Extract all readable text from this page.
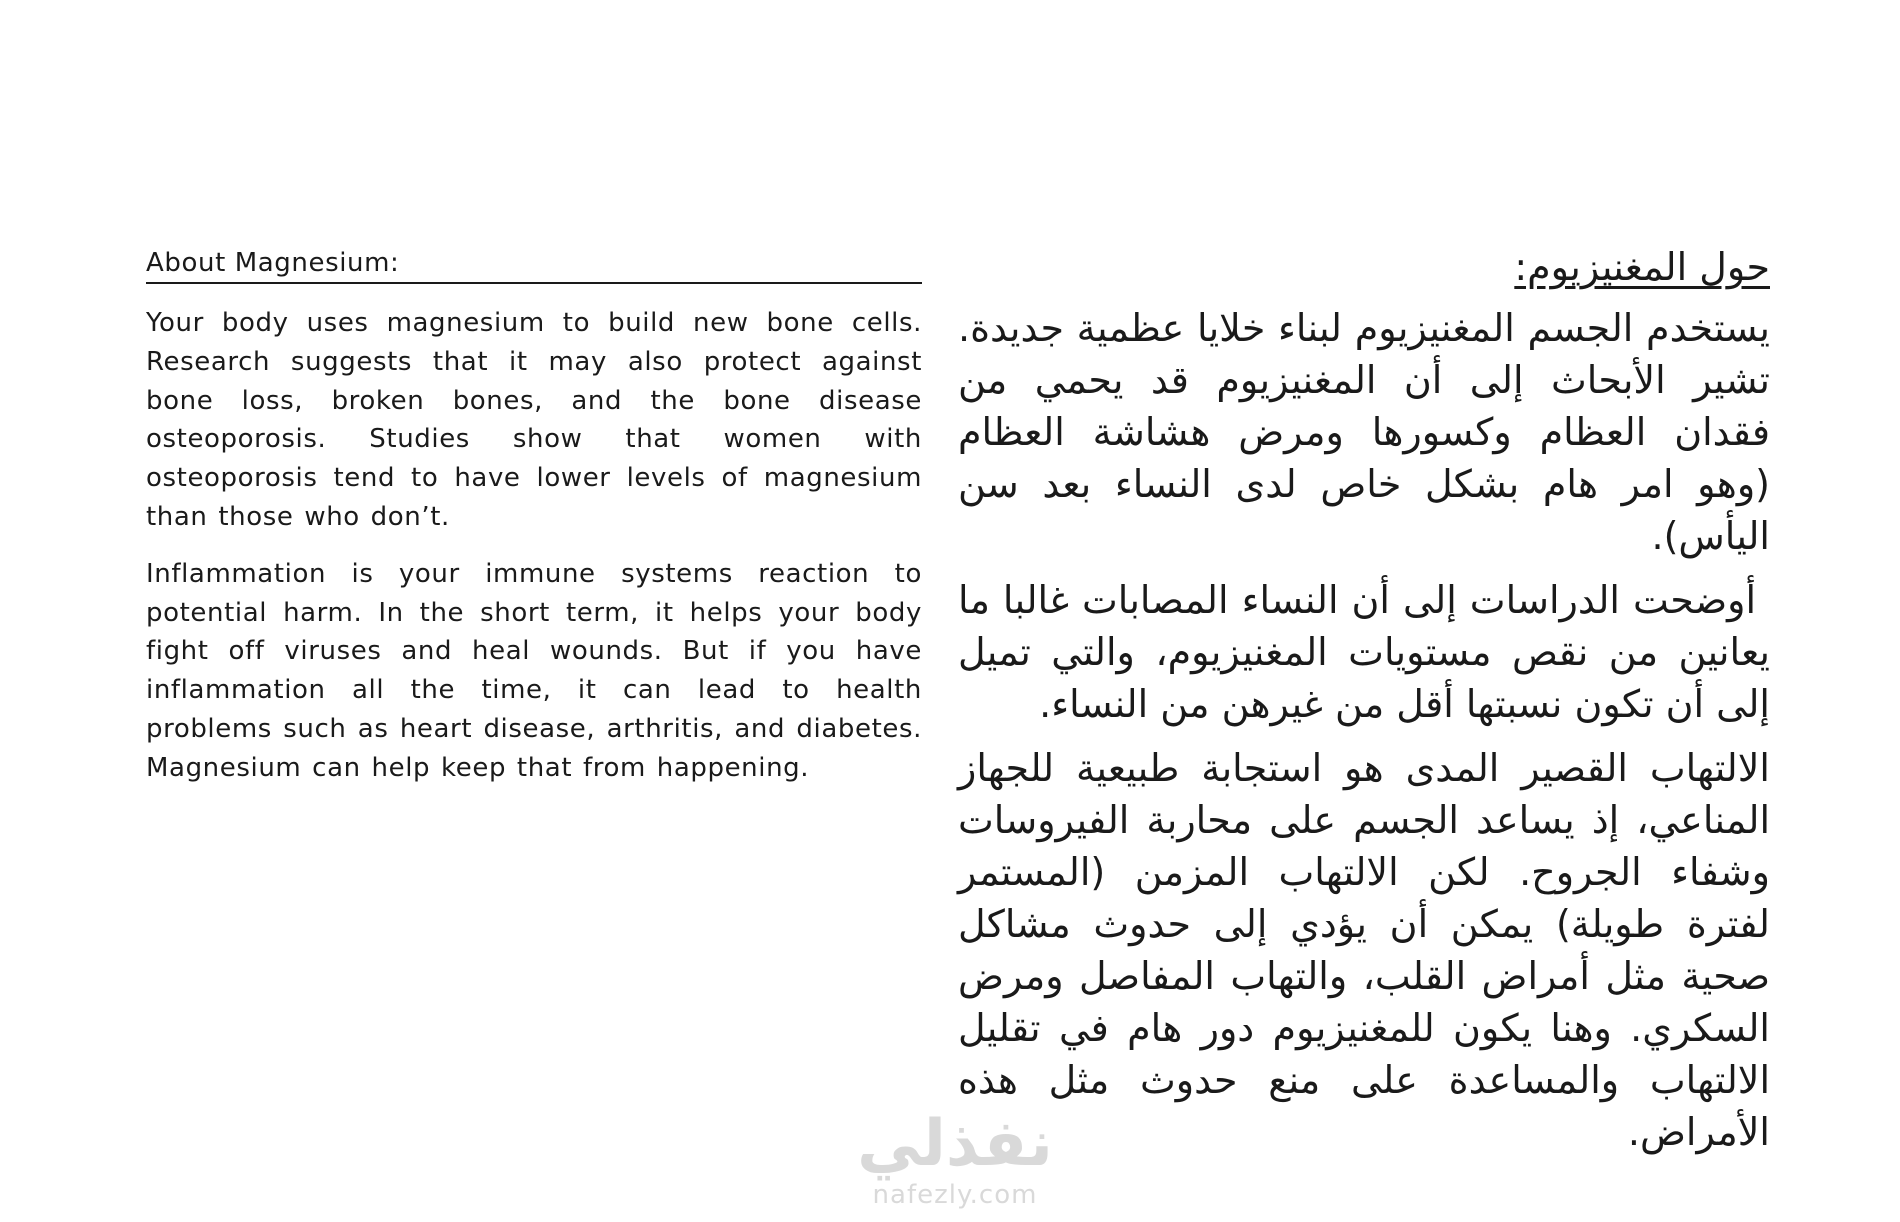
About Magnesium:

Your body uses magnesium to build new bone cells. Research suggests that it may also protect against bone loss, broken bones, and the bone disease osteoporosis. Studies show that women with osteoporosis tend to have lower levels of magnesium than those who don’t.

Inflammation is your immune systems reaction to potential harm. In the short term, it helps your body fight off viruses and heal wounds. But if you have inflammation all the time, it can lead to health problems such as heart disease, arthritis, and diabetes. Magnesium can help keep that from happening.

حول المغنيزيوم:

يستخدم الجسم المغنيزيوم لبناء خلايا عظمية جديدة. تشير الأبحاث إلى أن المغنيزيوم قد يحمي من فقدان العظام وكسورها ومرض هشاشة العظام (وهو امر هام بشكل خاص لدى النساء بعد سن اليأس).

أوضحت الدراسات إلى أن النساء المصابات غالبا ما يعانين من نقص مستويات المغنيزيوم، والتي تميل إلى أن تكون نسبتها أقل من غيرهن من النساء.

الالتهاب القصير المدى هو استجابة طبيعية للجهاز المناعي، إذ يساعد الجسم على محاربة الفيروسات وشفاء الجروح. لكن الالتهاب المزمن (المستمر لفترة طويلة) يمكن أن يؤدي إلى حدوث مشاكل صحية مثل أمراض القلب، والتهاب المفاصل ومرض السكري. وهنا يكون للمغنيزيوم دور هام في تقليل الالتهاب والمساعدة على منع حدوث مثل هذه الأمراض.

نفذلي
nafezly.com
